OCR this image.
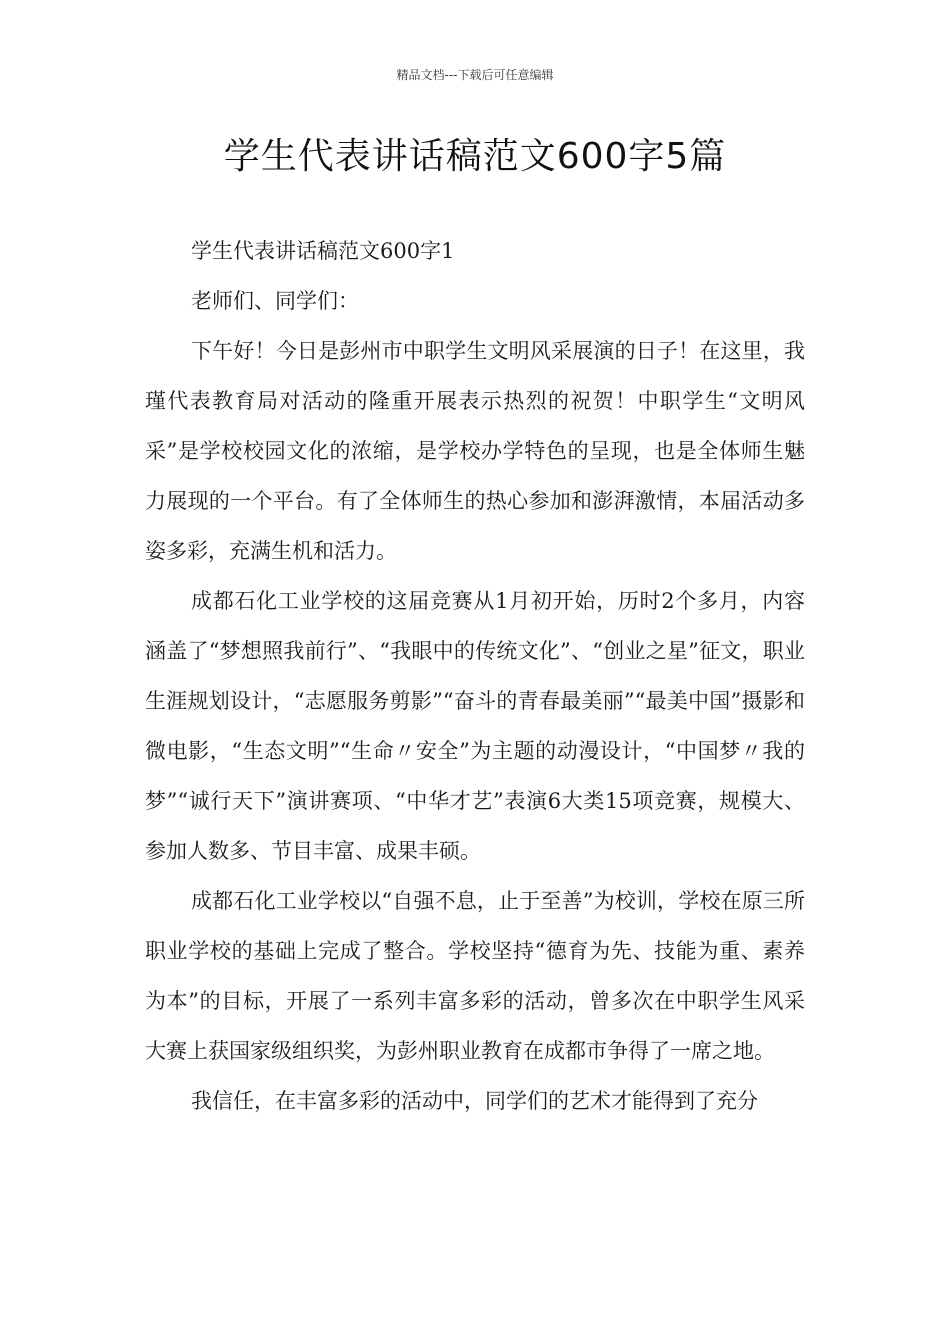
精品文档---下载后可任意编辑
学生代表讲话稿范文600字5篇

学生代表讲话稿范文600字1

老师们、同学们：

下午好！今日是彭州市中职学生文明风采展演的日子！在这里，我瑾代表教育局对活动的隆重开展表示热烈的祝贺！中职学生“文明风采”是学校校园文化的浓缩，是学校办学特色的呈现，也是全体师生魅力展现的一个平台。有了全体师生的热心参加和澎湃激情，本届活动多姿多彩，充满生机和活力。

成都石化工业学校的这届竞赛从1月初开始，历时2个多月，内容涵盖了“梦想照我前行”、“我眼中的传统文化”、“创业之星”征文，职业生涯规划设计，“志愿服务剪影”“奋斗的青春最美丽”“最美中国”摄影和微电影，“生态文明”“生命〃安全”为主题的动漫设计，“中国梦〃我的梦”“诚行天下”演讲赛项、“中华才艺”表演6大类15项竞赛，规模大、参加人数多、节目丰富、成果丰硕。

成都石化工业学校以“自强不息，止于至善”为校训，学校在原三所职业学校的基础上完成了整合。学校坚持“德育为先、技能为重、素养为本”的目标，开展了一系列丰富多彩的活动，曾多次在中职学生风采大赛上获国家级组织奖，为彭州职业教育在成都市争得了一席之地。

我信任，在丰富多彩的活动中，同学们的艺术才能得到了充分
